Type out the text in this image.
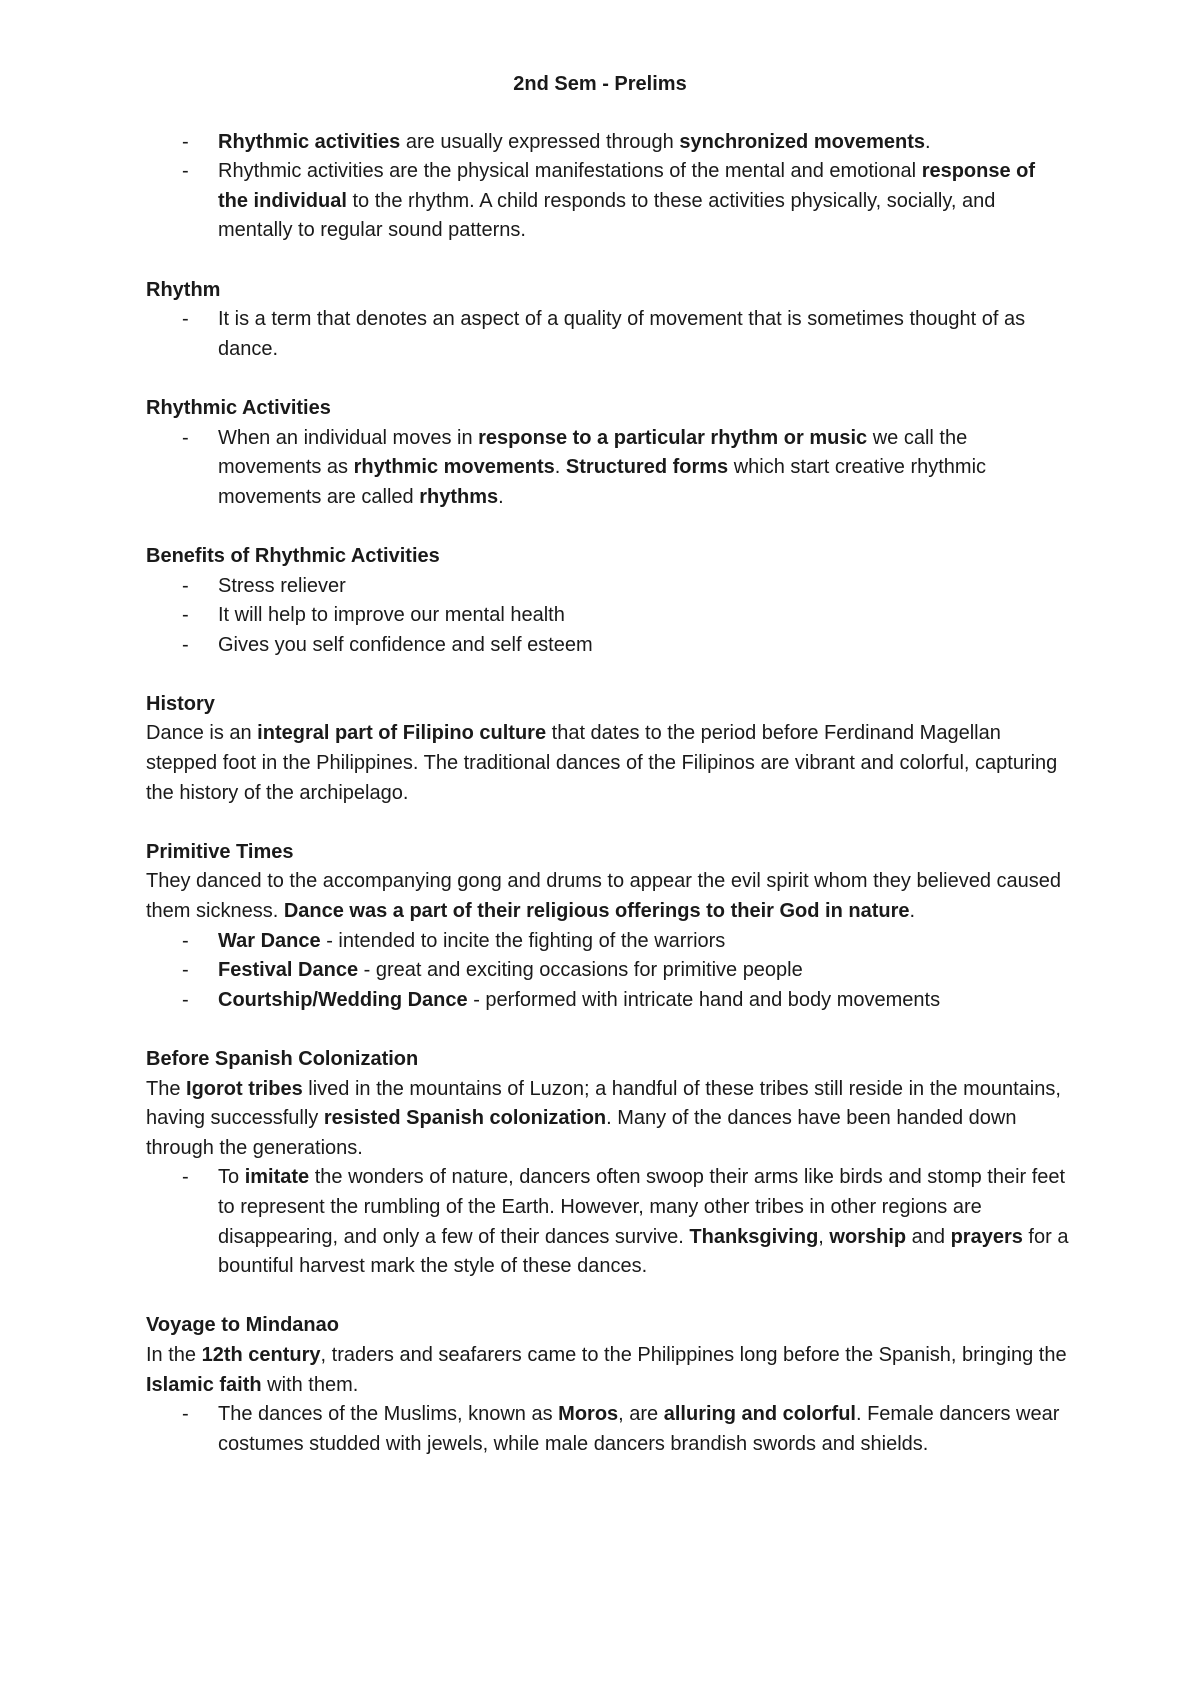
2nd Sem - Prelims
- Rhythmic activities are usually expressed through synchronized movements.
- Rhythmic activities are the physical manifestations of the mental and emotional response of the individual to the rhythm. A child responds to these activities physically, socially, and mentally to regular sound patterns.
Rhythm
- It is a term that denotes an aspect of a quality of movement that is sometimes thought of as dance.
Rhythmic Activities
- When an individual moves in response to a particular rhythm or music we call the movements as rhythmic movements. Structured forms which start creative rhythmic movements are called rhythms.
Benefits of Rhythmic Activities
- Stress reliever
- It will help to improve our mental health
- Gives you self confidence and self esteem
History
Dance is an integral part of Filipino culture that dates to the period before Ferdinand Magellan stepped foot in the Philippines. The traditional dances of the Filipinos are vibrant and colorful, capturing the history of the archipelago.
Primitive Times
They danced to the accompanying gong and drums to appear the evil spirit whom they believed caused them sickness. Dance was a part of their religious offerings to their God in nature.
- War Dance - intended to incite the fighting of the warriors
- Festival Dance - great and exciting occasions for primitive people
- Courtship/Wedding Dance - performed with intricate hand and body movements
Before Spanish Colonization
The Igorot tribes lived in the mountains of Luzon; a handful of these tribes still reside in the mountains, having successfully resisted Spanish colonization. Many of the dances have been handed down through the generations.
- To imitate the wonders of nature, dancers often swoop their arms like birds and stomp their feet to represent the rumbling of the Earth. However, many other tribes in other regions are disappearing, and only a few of their dances survive. Thanksgiving, worship and prayers for a bountiful harvest mark the style of these dances.
Voyage to Mindanao
In the 12th century, traders and seafarers came to the Philippines long before the Spanish, bringing the Islamic faith with them.
- The dances of the Muslims, known as Moros, are alluring and colorful. Female dancers wear costumes studded with jewels, while male dancers brandish swords and shields.
